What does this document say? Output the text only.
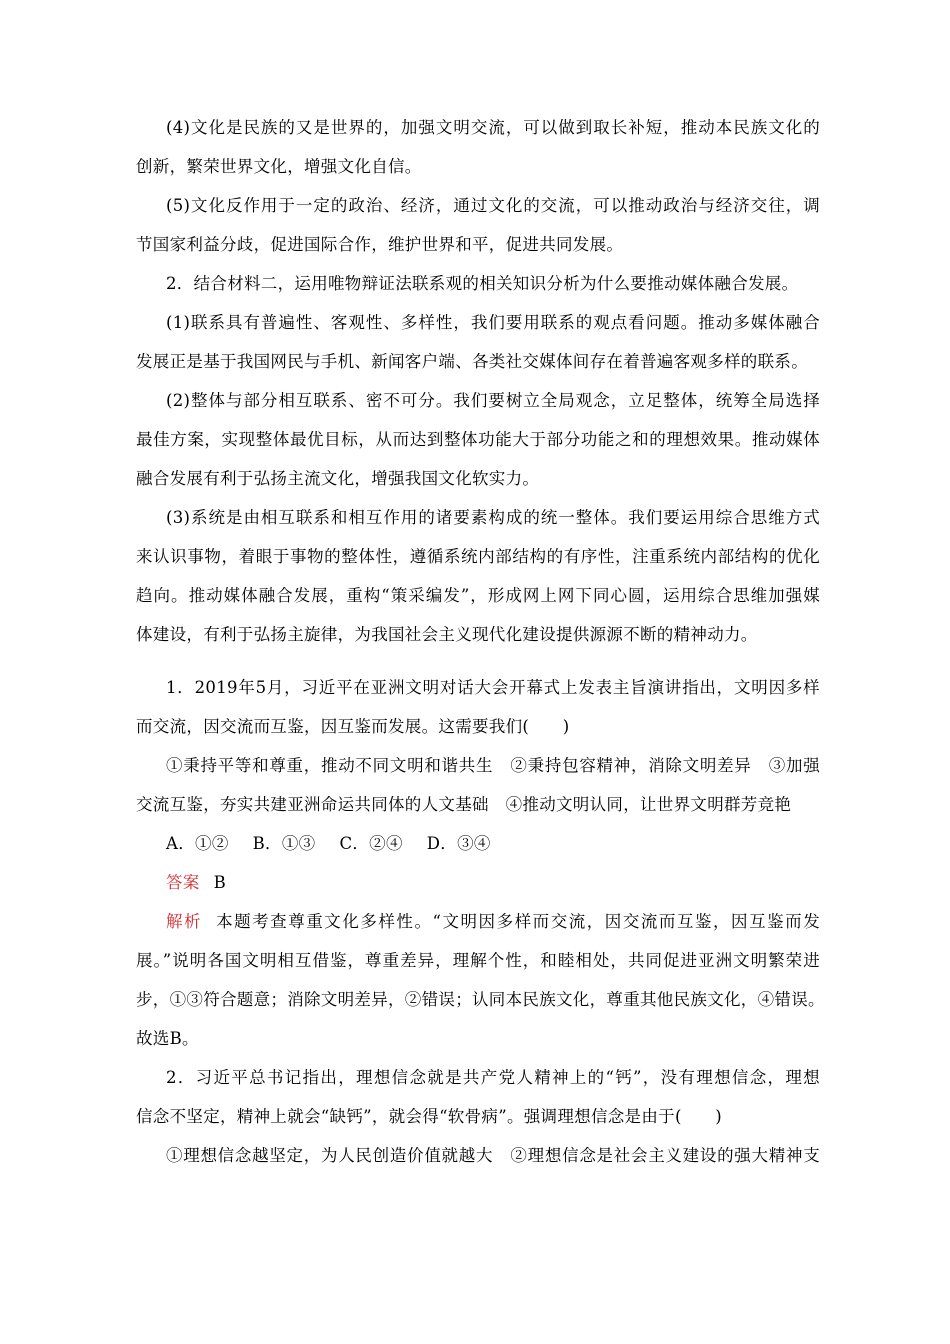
(4)文化是民族的又是世界的，加强文明交流，可以做到取长补短，推动本民族文化的
创新，繁荣世界文化，增强文化自信。
(5)文化反作用于一定的政治、经济，通过文化的交流，可以推动政治与经济交往，调
节国家利益分歧，促进国际合作，维护世界和平，促进共同发展。
2．结合材料二，运用唯物辩证法联系观的相关知识分析为什么要推动媒体融合发展。
(1)联系具有普遍性、客观性、多样性，我们要用联系的观点看问题。推动多媒体融合
发展正是基于我国网民与手机、新闻客户端、各类社交媒体间存在着普遍客观多样的联系。
(2)整体与部分相互联系、密不可分。我们要树立全局观念，立足整体，统筹全局选择
最佳方案，实现整体最优目标，从而达到整体功能大于部分功能之和的理想效果。推动媒体
融合发展有利于弘扬主流文化，增强我国文化软实力。
(3)系统是由相互联系和相互作用的诸要素构成的统一整体。我们要运用综合思维方式
来认识事物，着眼于事物的整体性，遵循系统内部结构的有序性，注重系统内部结构的优化
趋向。推动媒体融合发展，重构“策采编发”，形成网上网下同心圆，运用综合思维加强媒
体建设，有利于弘扬主旋律，为我国社会主义现代化建设提供源源不断的精神动力。
1．2019年5月，习近平在亚洲文明对话大会开幕式上发表主旨演讲指出，文明因多样
而交流，因交流而互鉴，因互鉴而发展。这需要我们(　　)
①秉持平等和尊重，推动不同文明和谐共生　②秉持包容精神，消除文明差异　③加强
交流互鉴，夯实共建亚洲命运共同体的人文基础　④推动文明认同，让世界文明群芳竞艳
A．①② B．①③ C．②④ D．③④
答案 B
解析 本题考查尊重文化多样性。“文明因多样而交流，因交流而互鉴，因互鉴而发
展。”说明各国文明相互借鉴，尊重差异，理解个性，和睦相处，共同促进亚洲文明繁荣进
步，①③符合题意；消除文明差异，②错误；认同本民族文化，尊重其他民族文化，④错误。
故选B。
2．习近平总书记指出，理想信念就是共产党人精神上的“钙”，没有理想信念，理想
信念不坚定，精神上就会“缺钙”，就会得“软骨病”。强调理想信念是由于(　　)
①理想信念越坚定，为人民创造价值就越大　②理想信念是社会主义建设的强大精神支
